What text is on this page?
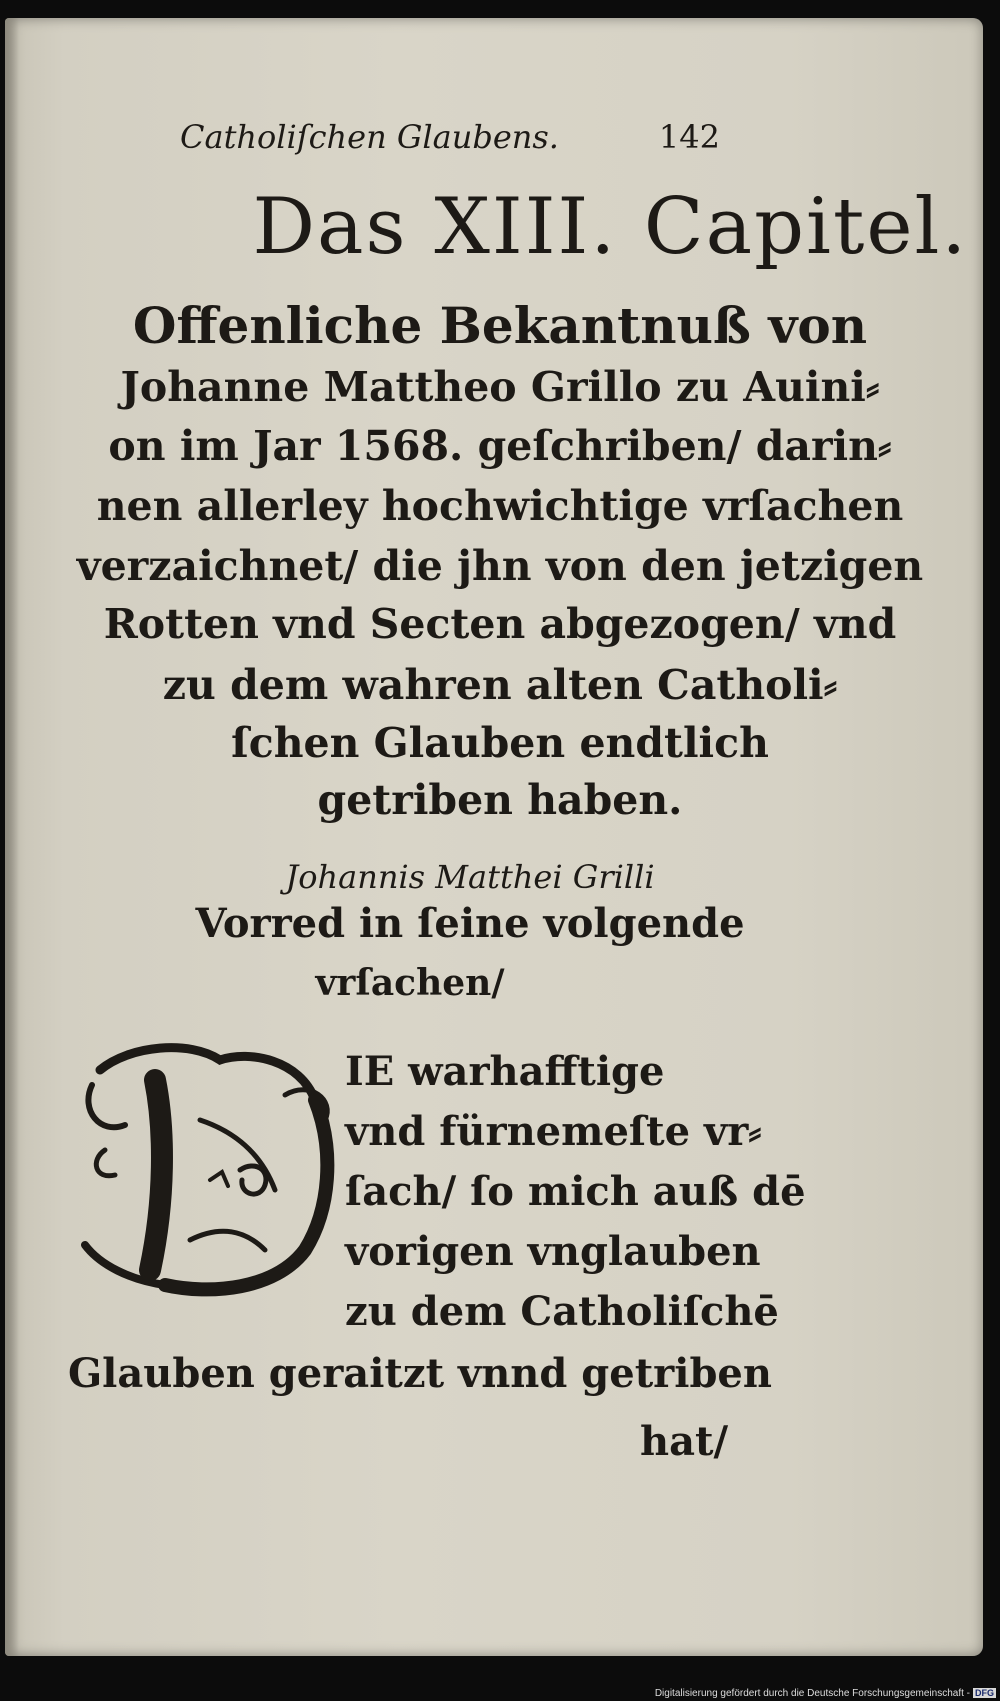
Catholiſchen Glaubens.	142
Das XIII. Capitel.
Offenliche Bekantnuß von
Johanne Mattheo Grillo zu Auini⸗
on im Jar 1568. geſchriben/ darin⸗
nen allerley hochwichtige vrſachen
verzaichnet/ die jhn von den jetzigen
Rotten vnd Secten abgezogen/ vnd
zu dem wahren alten Catholi⸗
ſchen Glauben endtlich
getriben haben.
Johannis Matthei Grilli
Vorred in ſeine volgende
vrſachen/
IE warhafftige
vnd fürnemeſte vr⸗
ſach/ ſo mich auß dē
vorigen vnglauben
zu dem Catholiſchē
Glauben geraitzt vnnd getriben
hat/
Digitalisierung gefördert durch die Deutsche Forschungsgemeinschaft - DFG
